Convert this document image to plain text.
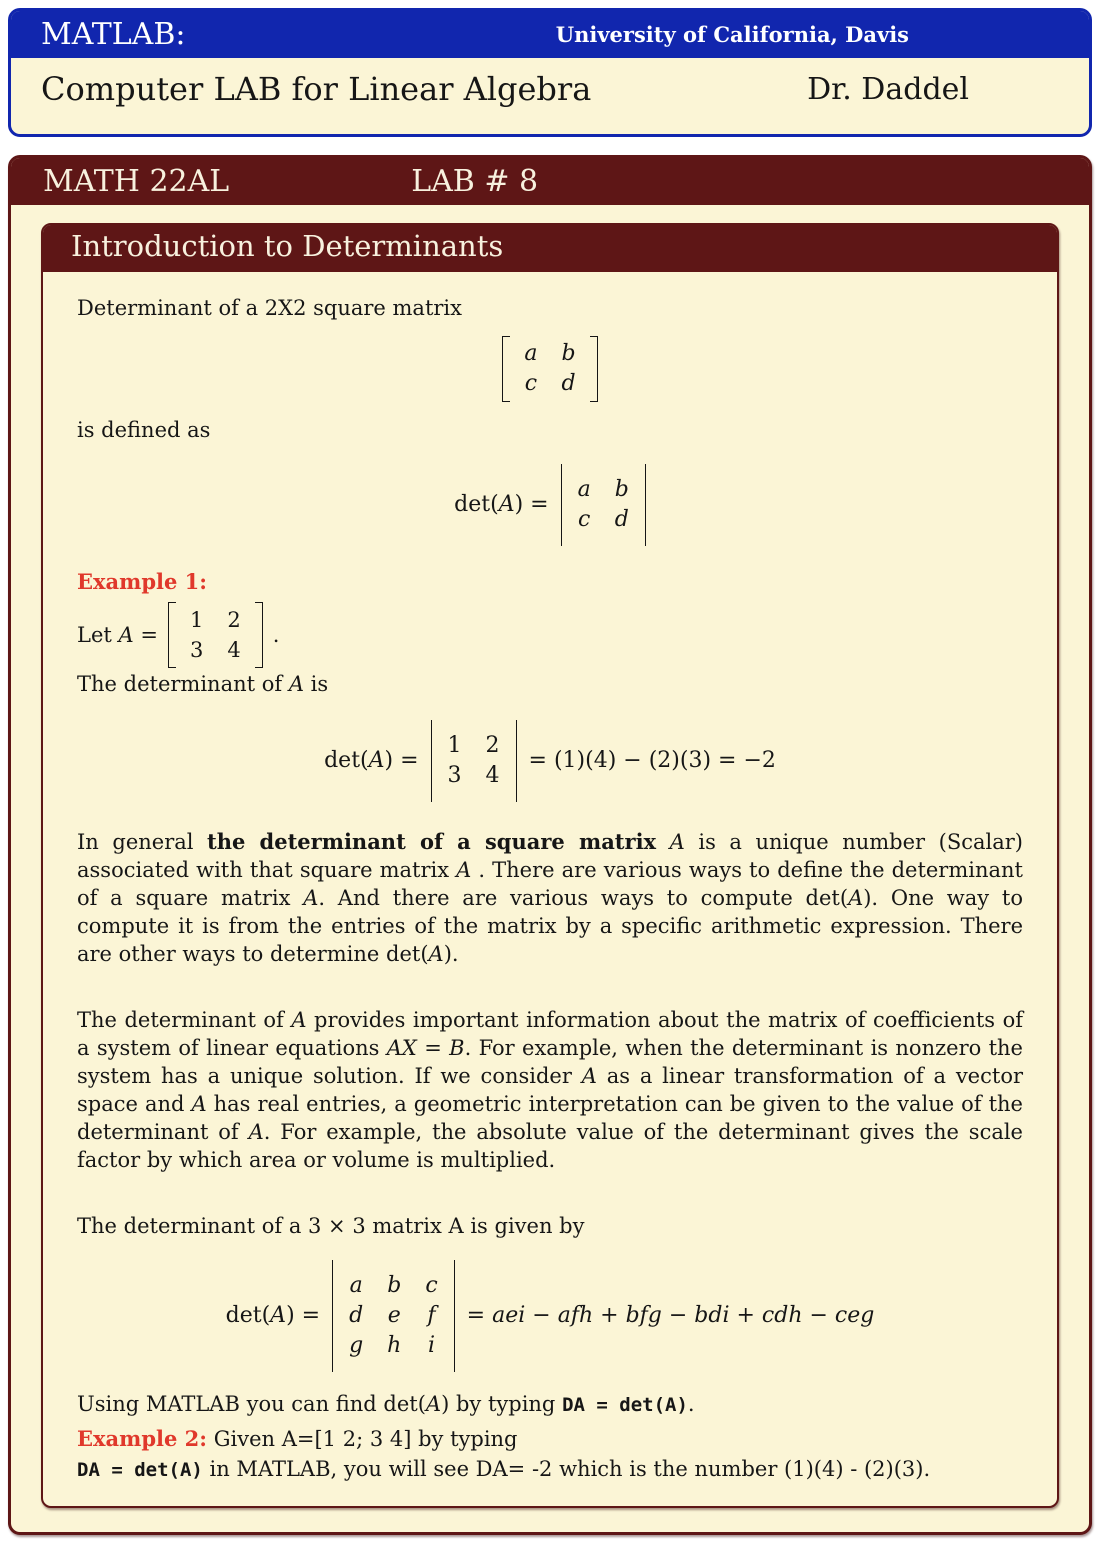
MATLAB:	University of California, Davis
Computer LAB for Linear Algebra	Dr. Daddel
MATH 22AL	LAB # 8
Introduction to Determinants

Determinant of a 2X2 square matrix

a b
c d

is defined as

det(A) =
a b
c d

Example 1:

Let A =
1 2
3 4
.

The determinant of A is

det(A) =
1 2
3 4
= (1)(4) − (2)(3) = −2

In general the determinant of a square matrix A is a unique number (Scalar) associated with that square matrix A . There are various ways to define the determinant of a square matrix A. And there are various ways to compute det(A). One way to compute it is from the entries of the matrix by a specific arithmetic expression. There are other ways to determine det(A).

The determinant of A provides important information about the matrix of coefficients of a system of linear equations AX = B. For example, when the determinant is nonzero the system has a unique solution. If we consider A as a linear transformation of a vector space and A has real entries, a geometric interpretation can be given to the value of the determinant of A. For example, the absolute value of the determinant gives the scale factor by which area or volume is multiplied.

The determinant of a 3 × 3 matrix A is given by

det(A) =
a b c
d e f
g h i
= aei − afh + bfg − bdi + cdh − ceg

Using MATLAB you can find det(A) by typing DA = det(A).

Example 2: Given A=[1 2; 3 4] by typing

DA = det(A) in MATLAB, you will see DA= -2 which is the number (1)(4) - (2)(3).
